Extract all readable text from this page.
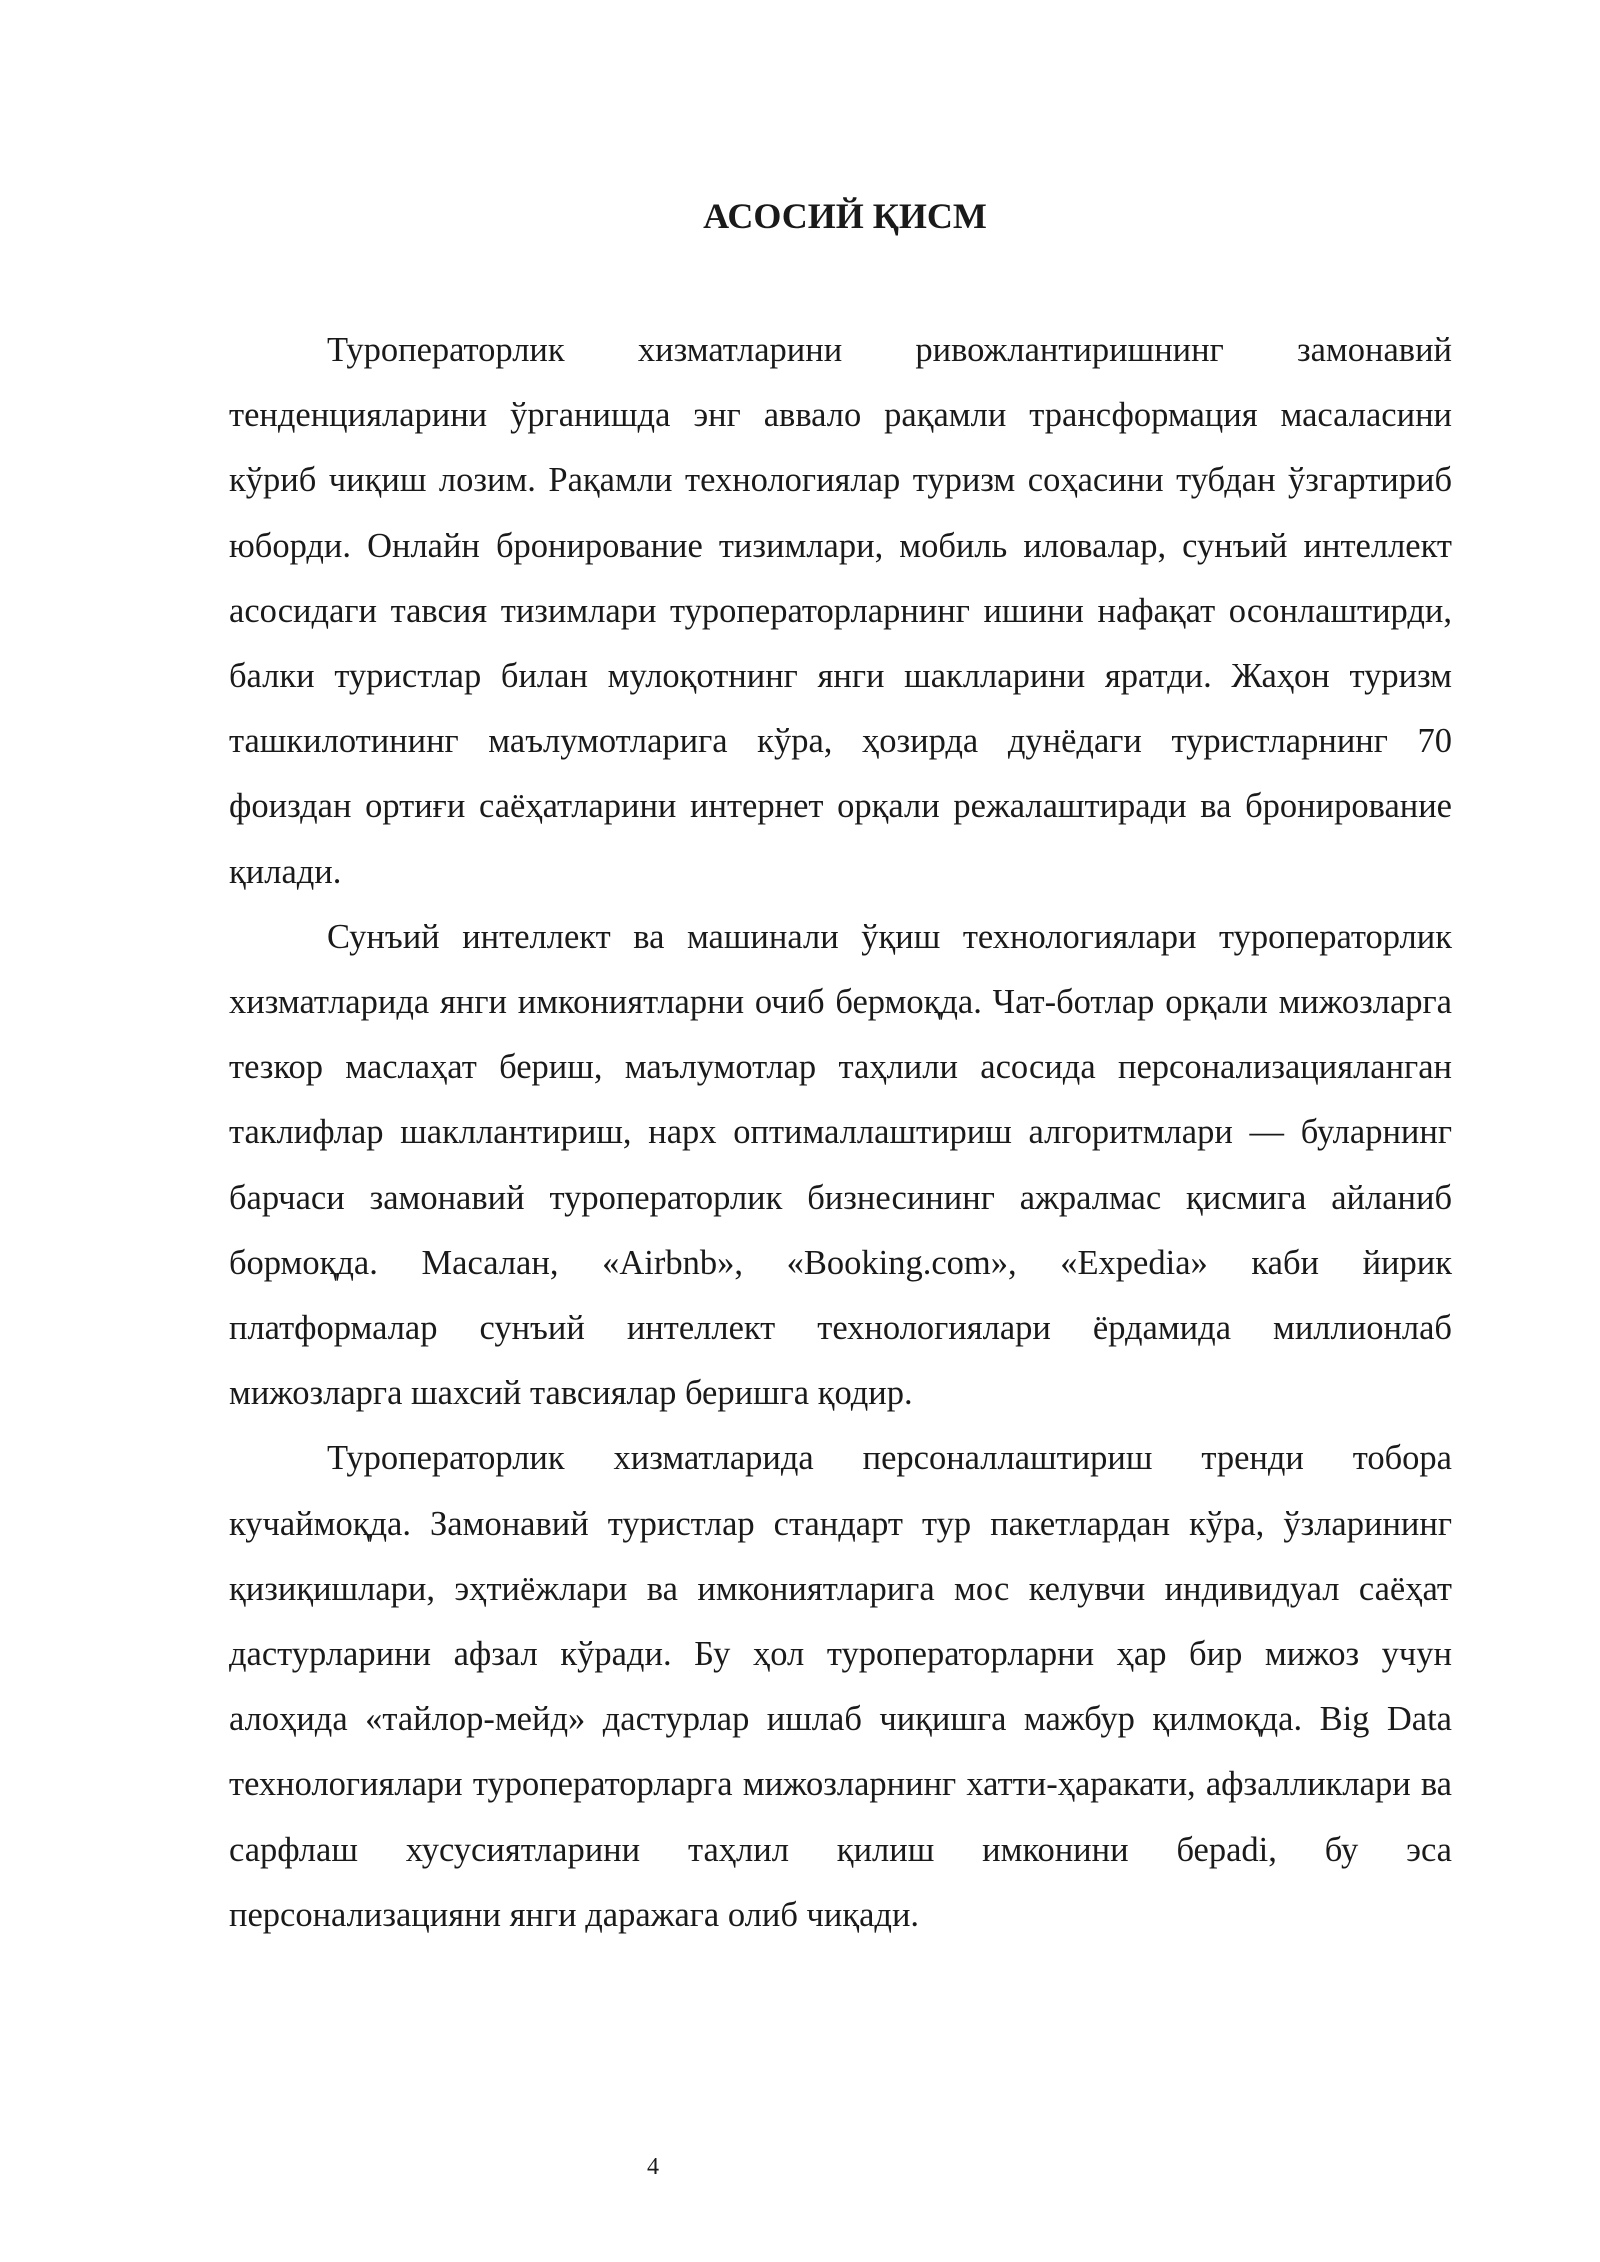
АСОСИЙ ҚИСМ

Туроператорлик хизматларини ривожлантиришнинг замонавий тенденцияларини ўрганишда энг аввало рақамли трансформация масаласини кўриб чиқиш лозим. Рақамли технологиялар туризм соҳасини тубдан ўзгартириб юборди. Онлайн бронирование тизимлари, мобиль иловалар, сунъий интеллект асосидаги тавсия тизимлари туроператорларнинг ишини нафақат осонлаштирди, балки туристлар билан мулоқотнинг янги шаклларини яратди. Жаҳон туризм ташкилотининг маълумотларига кўра, ҳозирда дунёдаги туристларнинг 70 фоиздан ортиғи саёҳатларини интернет орқали режалаштиради ва бронирование қилади.

Сунъий интеллект ва машинали ўқиш технологиялари туроператорлик хизматларида янги имкониятларни очиб бермоқда. Чат-ботлар орқали мижозларга тезкор маслаҳат бериш, маълумотлар таҳлили асосида персонализацияланган таклифлар шакллантириш, нарх оптималлаштириш алгоритмлари — буларнинг барчаси замонавий туроператорлик бизнесининг ажралмас қисмига айланиб бормоқда. Масалан, «Airbnb», «Booking.com», «Expedia» каби йирик платформалар сунъий интеллект технологиялари ёрдамида миллионлаб мижозларга шахсий тавсиялар беришга қодир.

Туроператорлик хизматларида персоналлаштириш тренди тобора кучаймоқда. Замонавий туристлар стандарт тур пакетлардан кўра, ўзларининг қизиқишлари, эҳтиёжлари ва имкониятларига мос келувчи индивидуал саёҳат дастурларини афзал кўради. Бу ҳол туроператорларни ҳар бир мижоз учун алоҳида «тайлор-мейд» дастурлар ишлаб чиқишга мажбур қилмоқда. Big Data технологиялари туроператорларга мижозларнинг хатти-ҳаракати, афзалликлари ва сарфлаш хусусиятларини таҳлил қилиш имконини берadi, бу эса персонализацияни янги даражага олиб чиқади.

4
